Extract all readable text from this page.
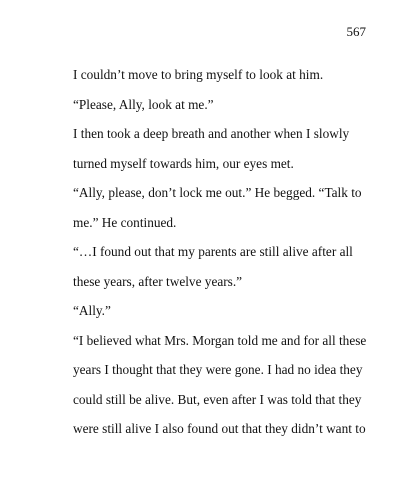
567

I couldn’t move to bring myself to look at him.

“Please, Ally, look at me.”

I then took a deep breath and another when I slowly

turned myself towards him, our eyes met.

“Ally, please, don’t lock me out.” He begged. “Talk to

me.” He continued.

“…I found out that my parents are still alive after all

these years, after twelve years.”

“Ally.”

“I believed what Mrs. Morgan told me and for all these

years I thought that they were gone. I had no idea they

could still be alive. But, even after I was told that they

were still alive I also found out that they didn’t want to
